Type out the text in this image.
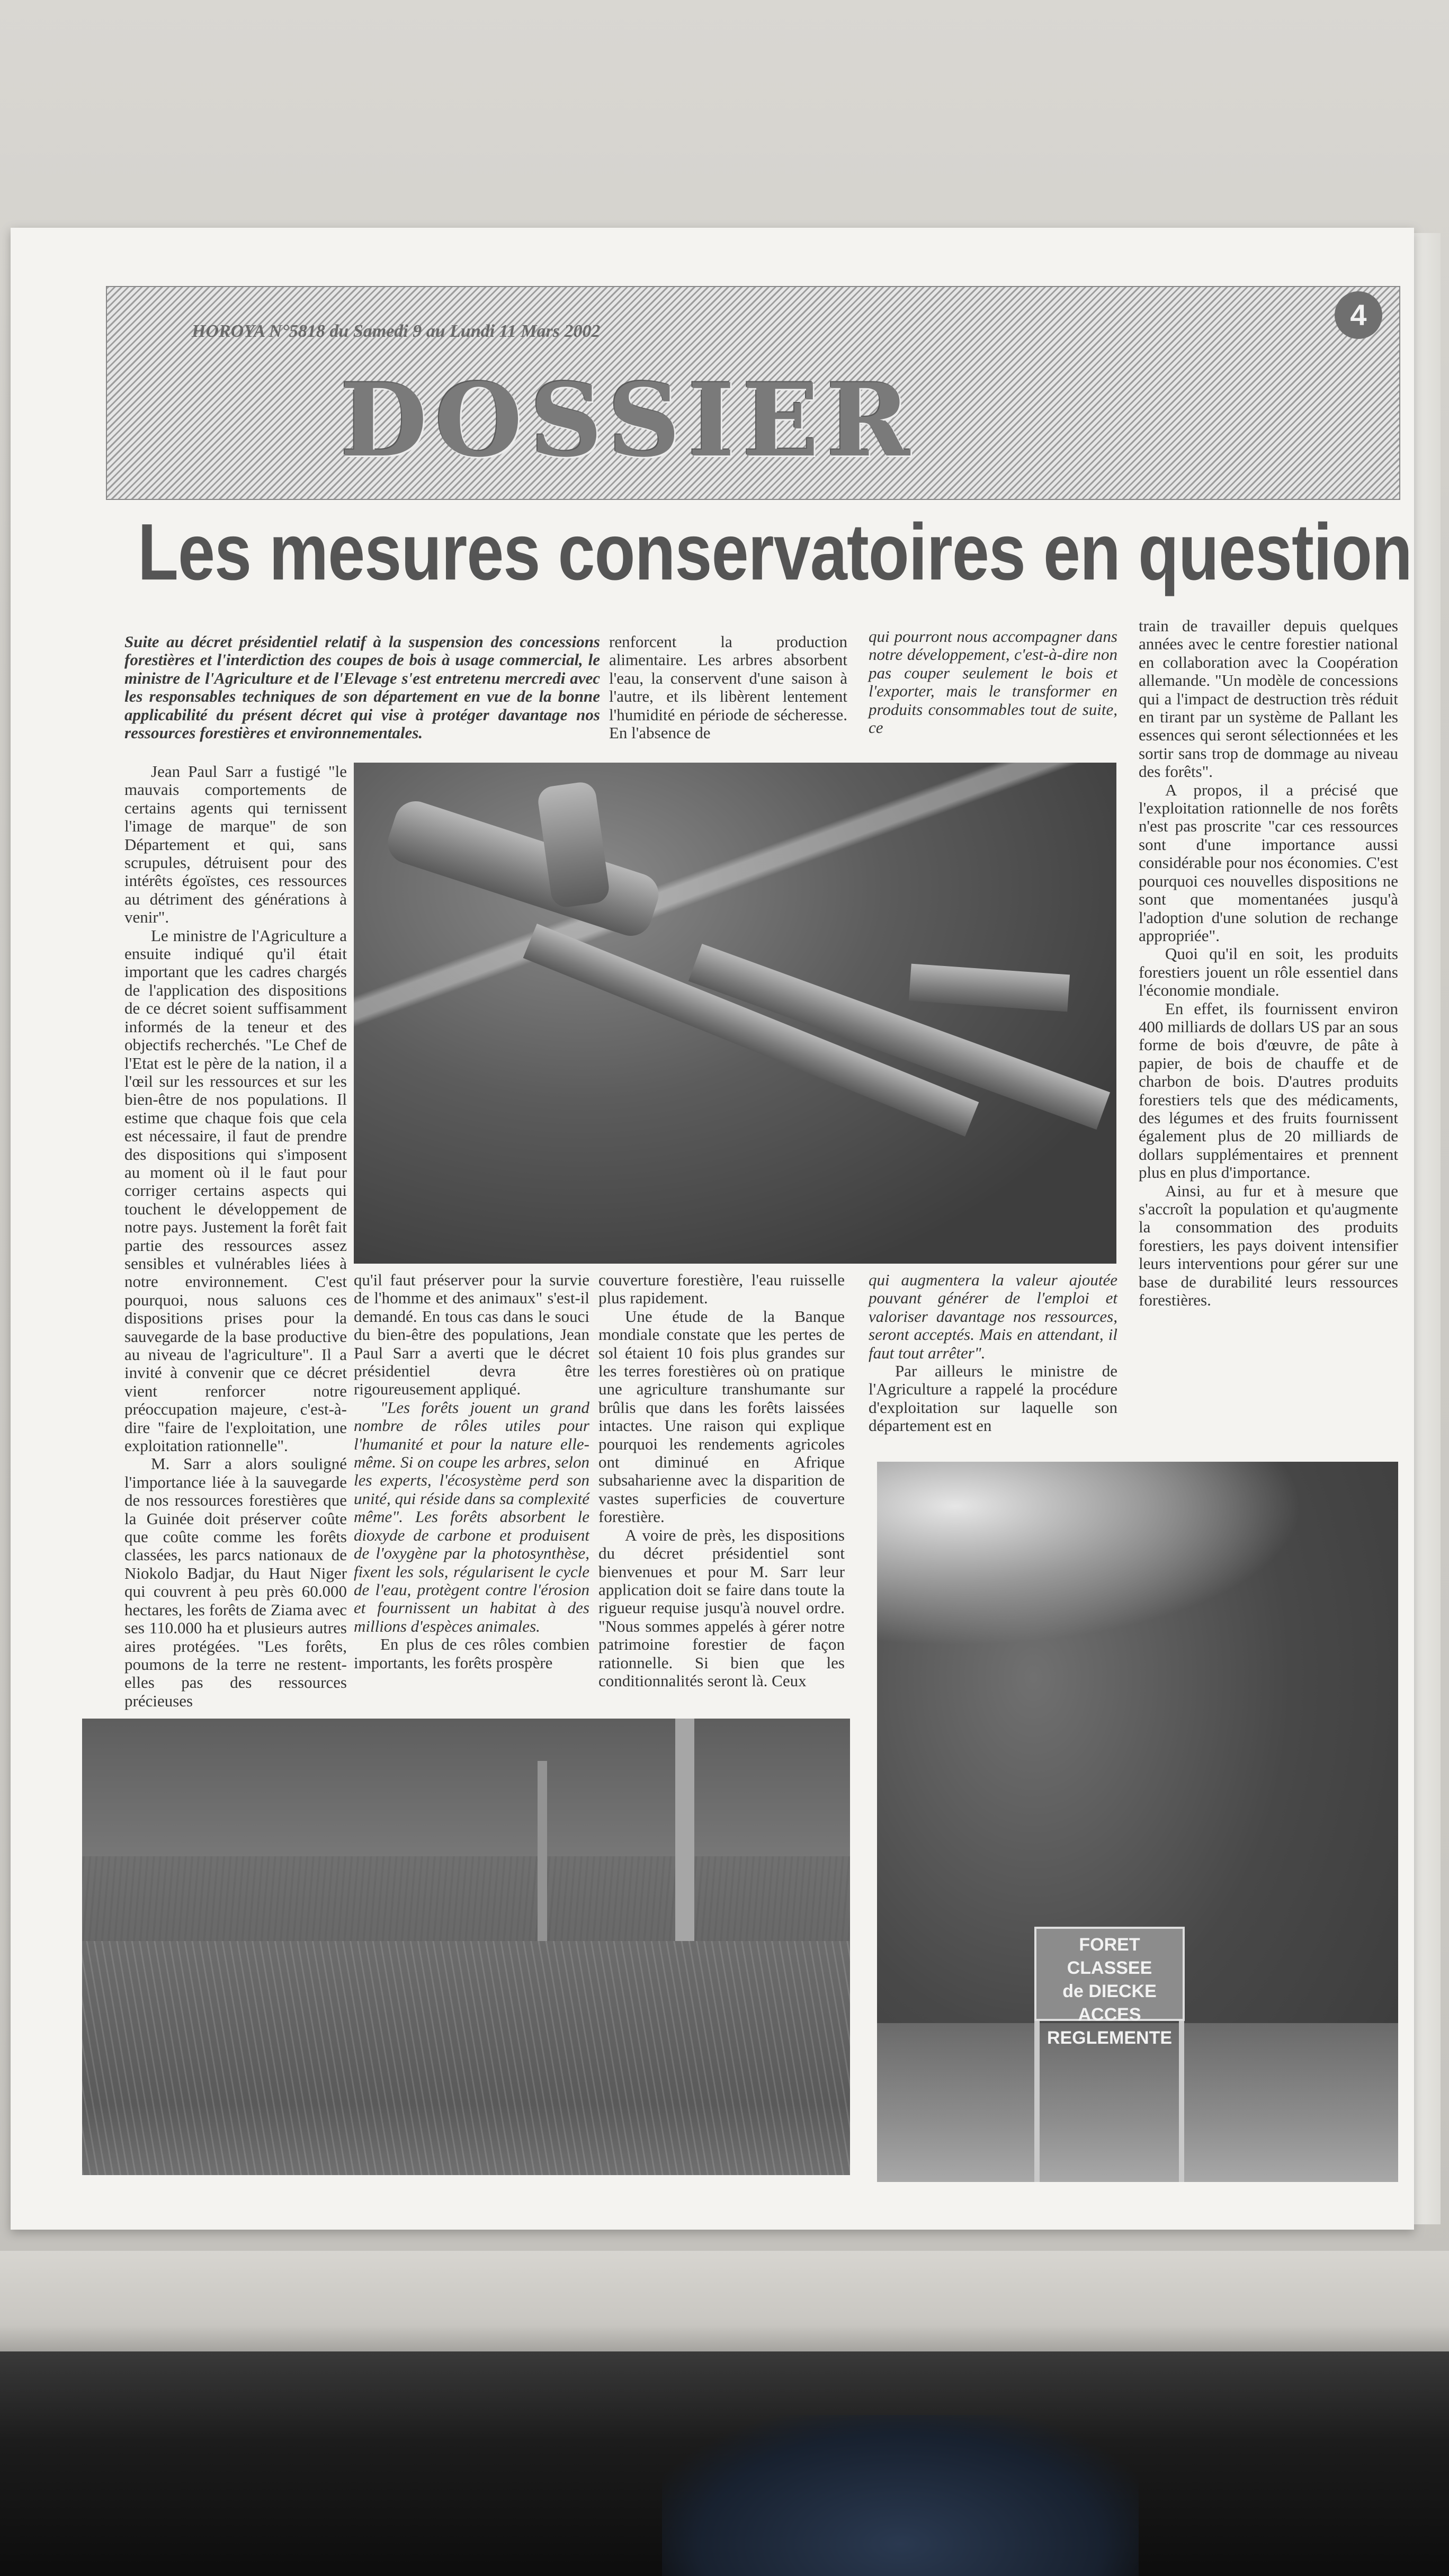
HOROYA N°5818 du Samedi 9 au Lundi 11 Mars 2002
DOSSIER
4
Les mesures conservatoires en question

Suite au décret présidentiel relatif à la suspension des concessions forestières et l'interdiction des coupes de bois à usage commercial, le ministre de l'Agriculture et de l'Elevage s'est entretenu mercredi avec les responsables techniques de son département en vue de la bonne applicabilité du présent décret qui vise à protéger davantage nos ressources forestières et environnementales.

Jean Paul Sarr a fustigé "le mauvais comportements de certains agents qui ternissent l'image de marque" de son Département et qui, sans scrupules, détruisent pour des intérêts égoïstes, ces ressources au détriment des générations à venir".

Le ministre de l'Agriculture a ensuite indiqué qu'il était important que les cadres chargés de l'application des dispositions de ce décret soient suffisamment informés de la teneur et des objectifs recherchés. "Le Chef de l'Etat est le père de la nation, il a l'œil sur les ressources et sur les bien-être de nos populations. Il estime que chaque fois que cela est nécessaire, il faut de prendre des dispositions qui s'imposent au moment où il le faut pour corriger certains aspects qui touchent le développement de notre pays. Justement la forêt fait partie des ressources assez sensibles et vulnérables liées à notre environnement. C'est pourquoi, nous saluons ces dispositions prises pour la sauvegarde de la base productive au niveau de l'agriculture". Il a invité à convenir que ce décret vient renforcer notre préoccupation majeure, c'est-à-dire "faire de l'exploitation, une exploitation rationnelle".

M. Sarr a alors souligné l'importance liée à la sauvegarde de nos ressources forestières que la Guinée doit préserver coûte que coûte comme les forêts classées, les parcs nationaux de Niokolo Badjar, du Haut Niger qui couvrent à peu près 60.000 hectares, les forêts de Ziama avec ses 110.000 ha et plusieurs autres aires protégées. "Les forêts, poumons de la terre ne restent-elles pas des ressources précieuses

renforcent la production alimentaire. Les arbres absorbent l'eau, la conservent d'une saison à l'autre, et ils libèrent lentement l'humidité en période de sécheresse. En l'absence de

qui pourront nous accompagner dans notre développement, c'est-à-dire non pas couper seulement le bois et l'exporter, mais le transformer en produits consommables tout de suite, ce

qu'il faut préserver pour la survie de l'homme et des animaux" s'est-il demandé. En tous cas dans le souci du bien-être des populations, Jean Paul Sarr a averti que le décret présidentiel devra être rigoureusement appliqué.

"Les forêts jouent un grand nombre de rôles utiles pour l'humanité et pour la nature elle-même. Si on coupe les arbres, selon les experts, l'écosystème perd son unité, qui réside dans sa complexité même". Les forêts absorbent le dioxyde de carbone et produisent de l'oxygène par la photosynthèse, fixent les sols, régularisent le cycle de l'eau, protègent contre l'érosion et fournissent un habitat à des millions d'espèces animales.

En plus de ces rôles combien importants, les forêts prospère

couverture forestière, l'eau ruisselle plus rapidement.

Une étude de la Banque mondiale constate que les pertes de sol étaient 10 fois plus grandes sur les terres forestières où on pratique une agriculture transhumante sur brûlis que dans les forêts laissées intactes. Une raison qui explique pourquoi les rendements agricoles ont diminué en Afrique subsaharienne avec la disparition de vastes superficies de couverture forestière.

A voire de près, les dispositions du décret présidentiel sont bienvenues et pour M. Sarr leur application doit se faire dans toute la rigueur requise jusqu'à nouvel ordre. "Nous sommes appelés à gérer notre patrimoine forestier de façon rationnelle. Si bien que les conditionnalités seront là. Ceux

qui augmentera la valeur ajoutée pouvant générer de l'emploi et valoriser davantage nos ressources, seront acceptés. Mais en attendant, il faut tout arrêter".

Par ailleurs le ministre de l'Agriculture a rappelé la procédure d'exploitation sur laquelle son département est en

train de travailler depuis quelques années avec le centre forestier national en collaboration avec la Coopération allemande. "Un modèle de concessions qui a l'impact de destruction très réduit en tirant par un système de Pallant les essences qui seront sélectionnées et les sortir sans trop de dommage au niveau des forêts".

A propos, il a précisé que l'exploitation rationnelle de nos forêts n'est pas proscrite "car ces ressources sont d'une importance aussi considérable pour nos économies. C'est pourquoi ces nouvelles dispositions ne sont que momentanées jusqu'à l'adoption d'une solution de rechange appropriée".

Quoi qu'il en soit, les produits forestiers jouent un rôle essentiel dans l'économie mondiale.

En effet, ils fournissent environ 400 milliards de dollars US par an sous forme de bois d'œuvre, de pâte à papier, de bois de chauffe et de charbon de bois. D'autres produits forestiers tels que des médicaments, des légumes et des fruits fournissent également plus de 20 milliards de dollars supplémentaires et prennent plus en plus d'importance.

Ainsi, au fur et à mesure que s'accroît la population et qu'augmente la consommation des produits forestiers, les pays doivent intensifier leurs interventions pour gérer sur une base de durabilité leurs ressources forestières.

FORET CLASSEE
de DIECKE
ACCES REGLEMENTE
